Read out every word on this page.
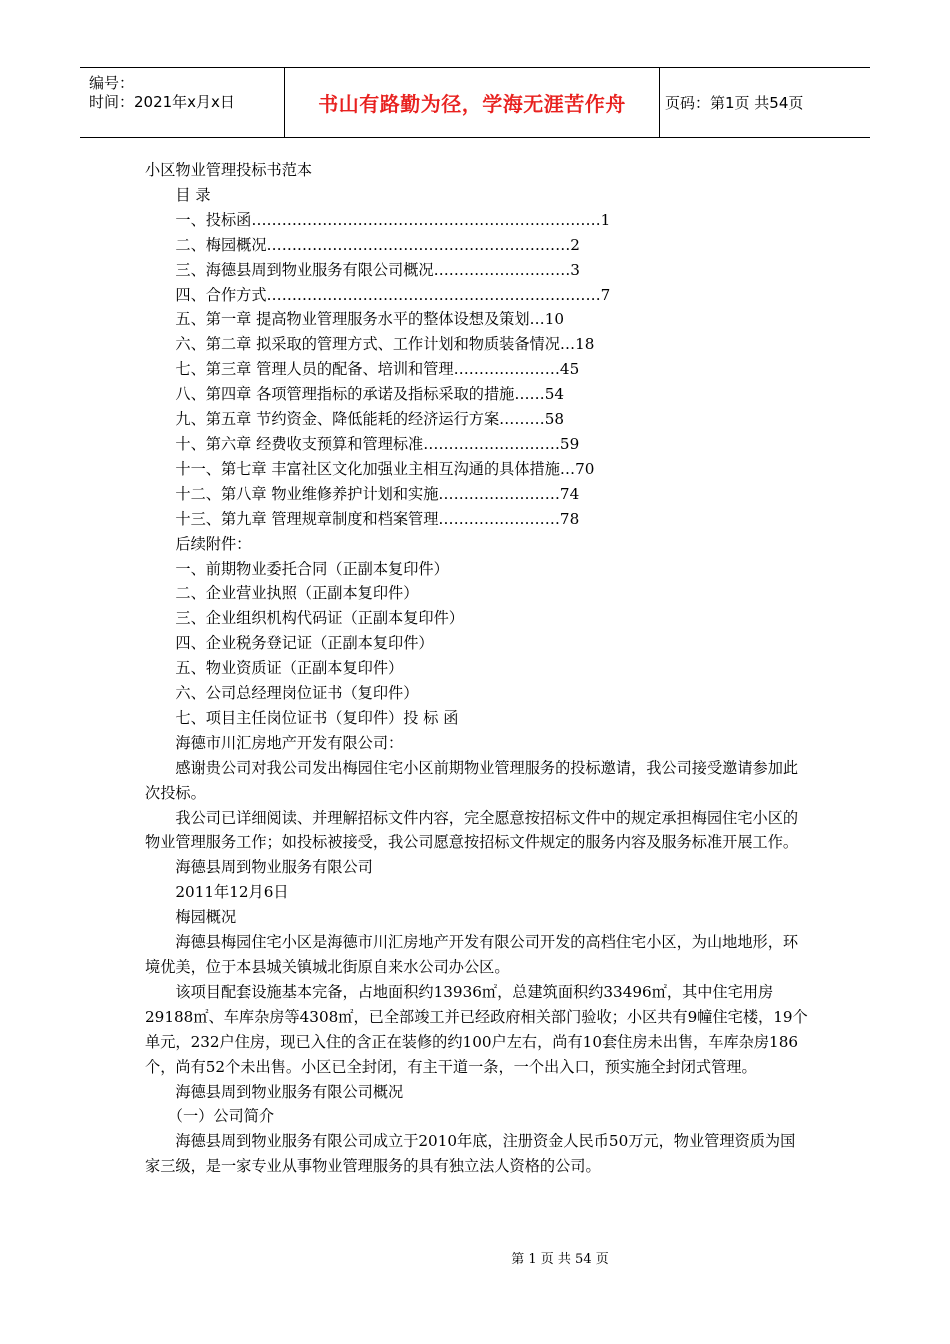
编号：
时间：2021年x月x日	书山有路勤为径，学海无涯苦作舟	页码：第1页 共54页

小区物业管理投标书范本

目 录

一、投标函……………………………………………………………1

二、梅园概况……………………………………………………2

三、海德县周到物业服务有限公司概况………………………3

四、合作方式…………………………………………………………7

五、第一章 提高物业管理服务水平的整体设想及策划…10

六、第二章 拟采取的管理方式、工作计划和物质装备情况…18

七、第三章 管理人员的配备、培训和管理…………………45

八、第四章 各项管理指标的承诺及指标采取的措施……54

九、第五章 节约资金、降低能耗的经济运行方案………58

十、第六章 经费收支预算和管理标准………………………59

十一、第七章 丰富社区文化加强业主相互沟通的具体措施…70

十二、第八章 物业维修养护计划和实施……………………74

十三、第九章 管理规章制度和档案管理……………………78

后续附件：

一、前期物业委托合同（正副本复印件）

二、企业营业执照（正副本复印件）

三、企业组织机构代码证（正副本复印件）

四、企业税务登记证（正副本复印件）

五、物业资质证（正副本复印件）

六、公司总经理岗位证书（复印件）

七、项目主任岗位证书（复印件）投 标 函

海德市川汇房地产开发有限公司：

感谢贵公司对我公司发出梅园住宅小区前期物业管理服务的投标邀请，我公司接受邀请参加此次投标。

我公司已详细阅读、并理解招标文件内容，完全愿意按招标文件中的规定承担梅园住宅小区的物业管理服务工作；如投标被接受，我公司愿意按招标文件规定的服务内容及服务标准开展工作。

海德县周到物业服务有限公司

2011年12月6日

梅园概况

海德县梅园住宅小区是海德市川汇房地产开发有限公司开发的高档住宅小区，为山地地形，环境优美，位于本县城关镇城北街原自来水公司办公区。

该项目配套设施基本完备，占地面积约13936㎡，总建筑面积约33496㎡，其中住宅用房29188㎡、车库杂房等4308㎡，已全部竣工并已经政府相关部门验收；小区共有9幢住宅楼，19个单元，232户住房，现已入住的含正在装修的约100户左右，尚有10套住房未出售，车库杂房186个，尚有52个未出售。小区已全封闭，有主干道一条，一个出入口，预实施全封闭式管理。

海德县周到物业服务有限公司概况

（一）公司简介

海德县周到物业服务有限公司成立于2010年底，注册资金人民币50万元，物业管理资质为国家三级，是一家专业从事物业管理服务的具有独立法人资格的公司。

第 1 页 共 54 页
